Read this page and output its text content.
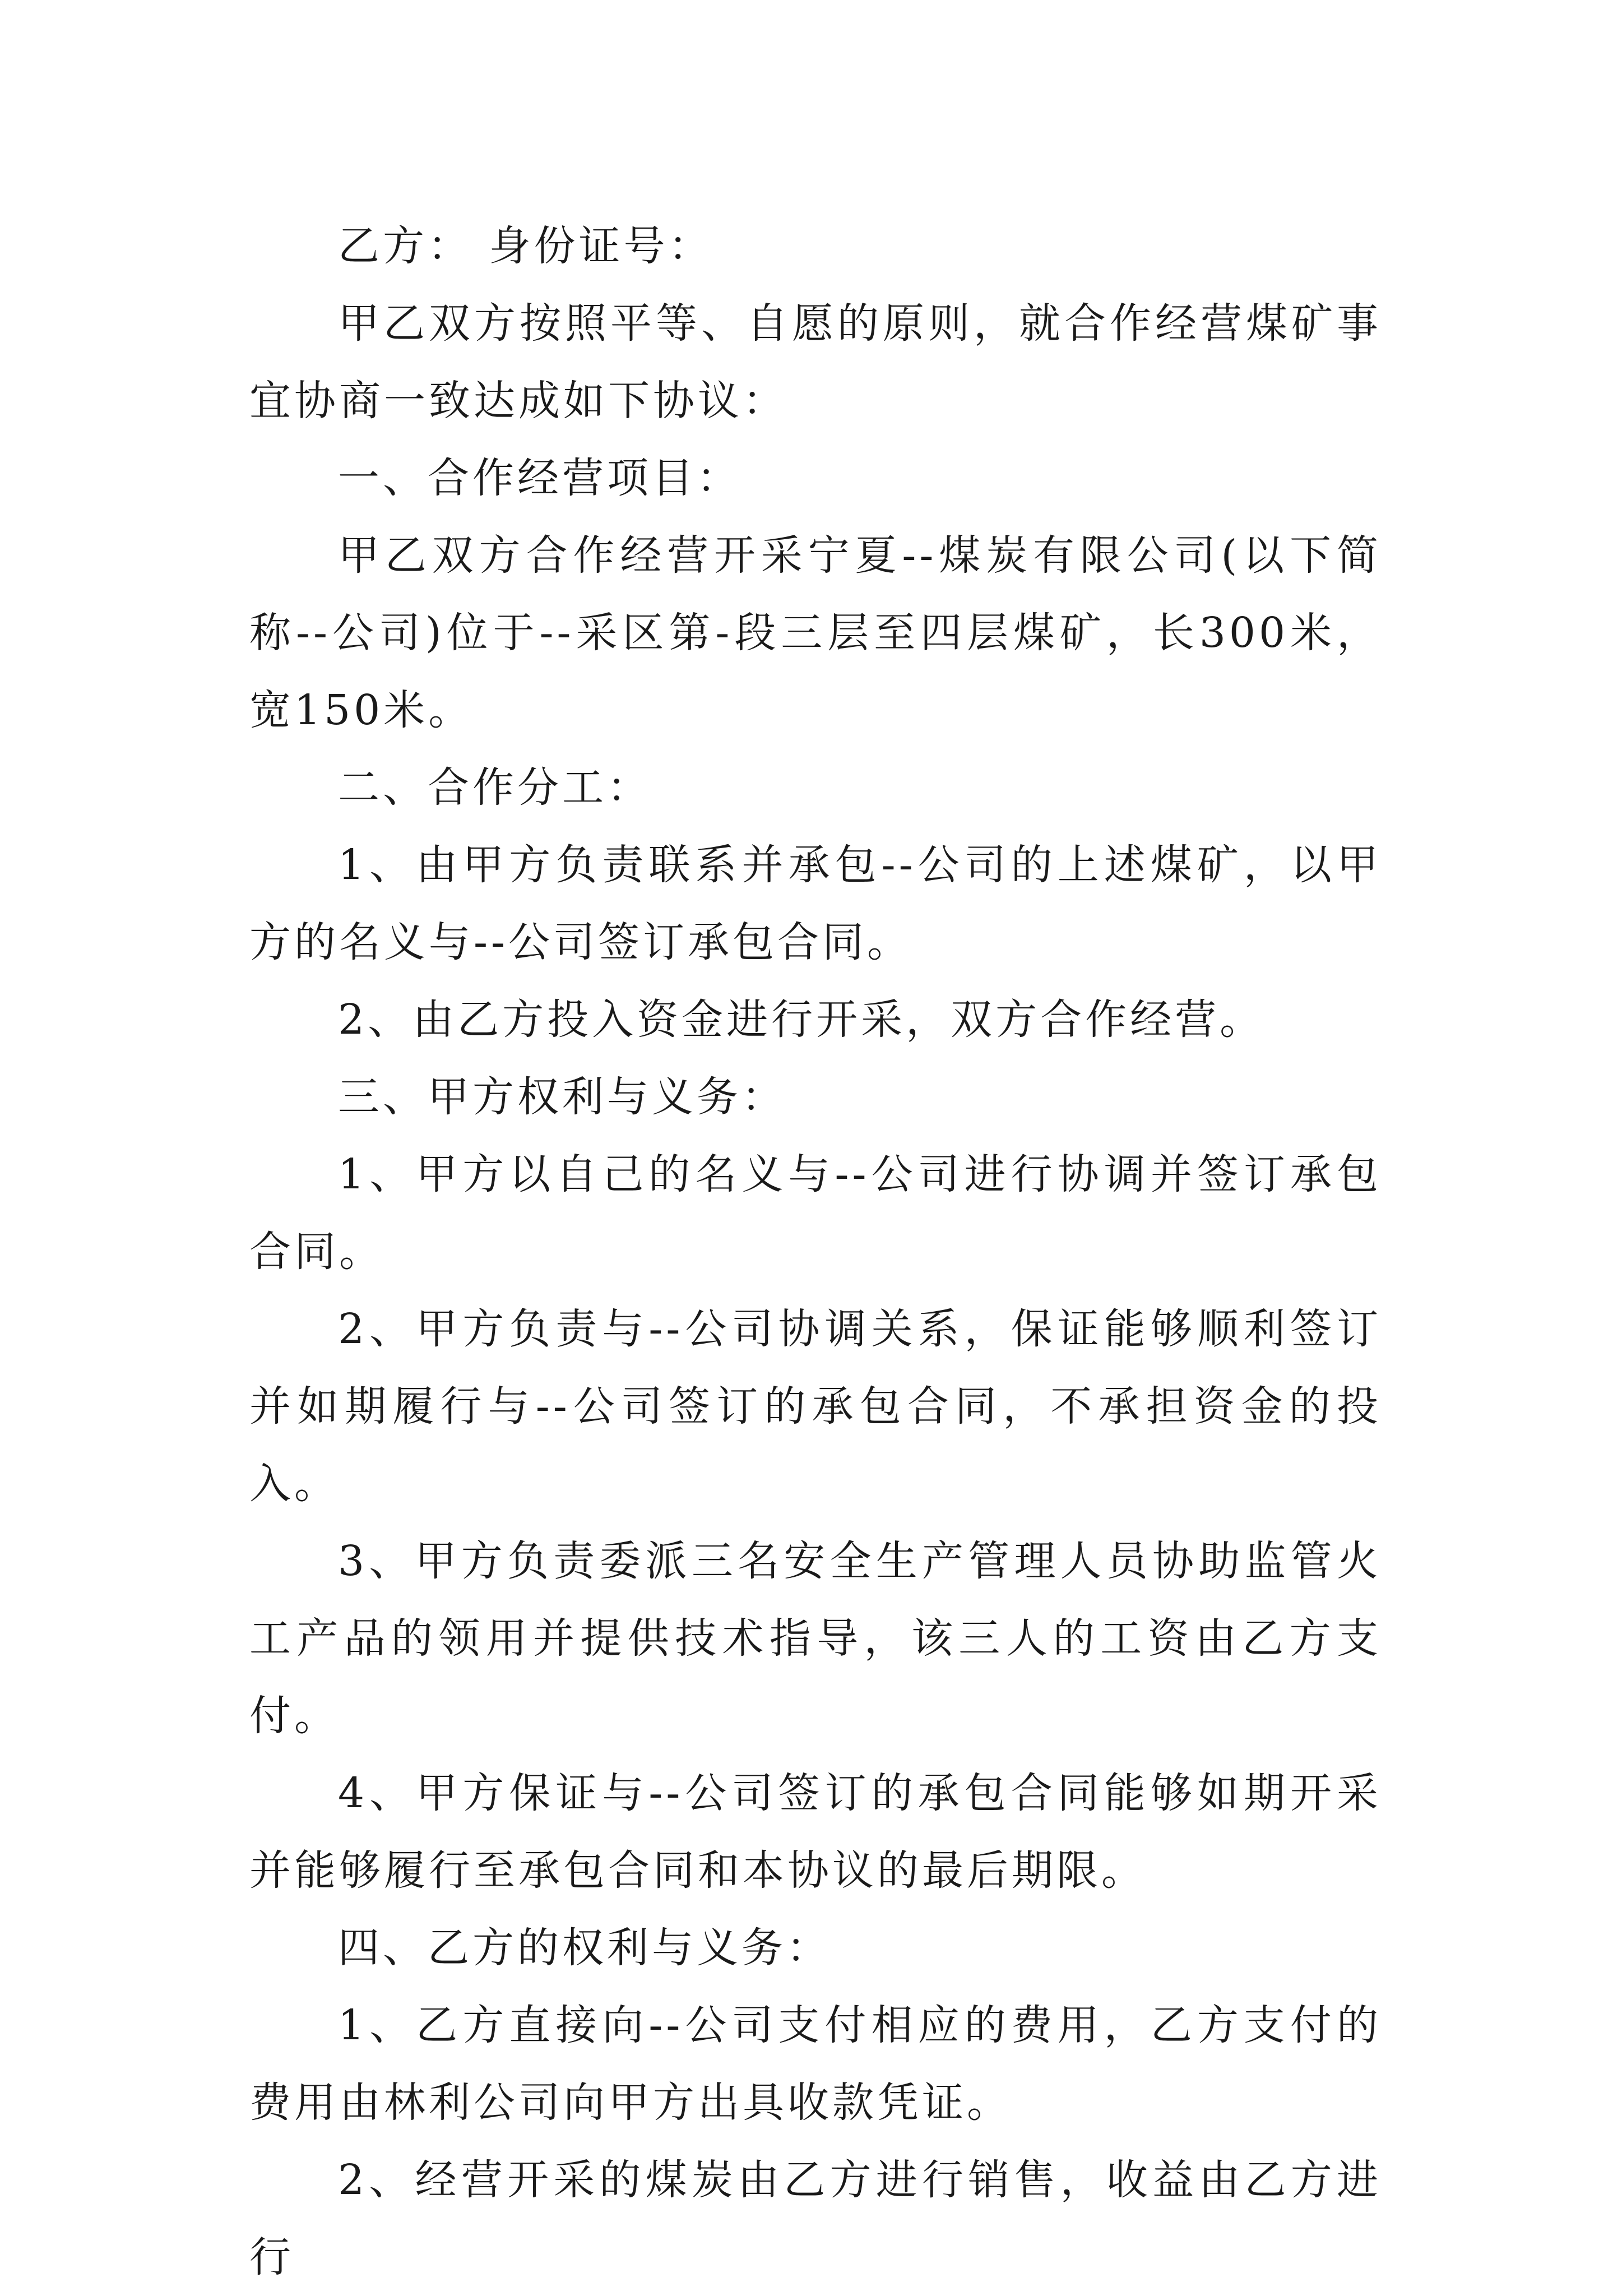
乙方： 身份证号：

甲乙双方按照平等、自愿的原则，就合作经营煤矿事宜协商一致达成如下协议：

一、合作经营项目：

甲乙双方合作经营开采宁夏--煤炭有限公司(以下简称--公司)位于--采区第-段三层至四层煤矿，长300米，宽150米。

二、合作分工：

1、由甲方负责联系并承包--公司的上述煤矿，以甲方的名义与--公司签订承包合同。

2、由乙方投入资金进行开采，双方合作经营。

三、甲方权利与义务：

1、甲方以自己的名义与--公司进行协调并签订承包合同。

2、甲方负责与--公司协调关系，保证能够顺利签订并如期履行与--公司签订的承包合同，不承担资金的投入。

3、甲方负责委派三名安全生产管理人员协助监管火工产品的领用并提供技术指导，该三人的工资由乙方支付。

4、甲方保证与--公司签订的承包合同能够如期开采并能够履行至承包合同和本协议的最后期限。

四、乙方的权利与义务：

1、乙方直接向--公司支付相应的费用，乙方支付的费用由林利公司向甲方出具收款凭证。

2、经营开采的煤炭由乙方进行销售，收益由乙方进行
